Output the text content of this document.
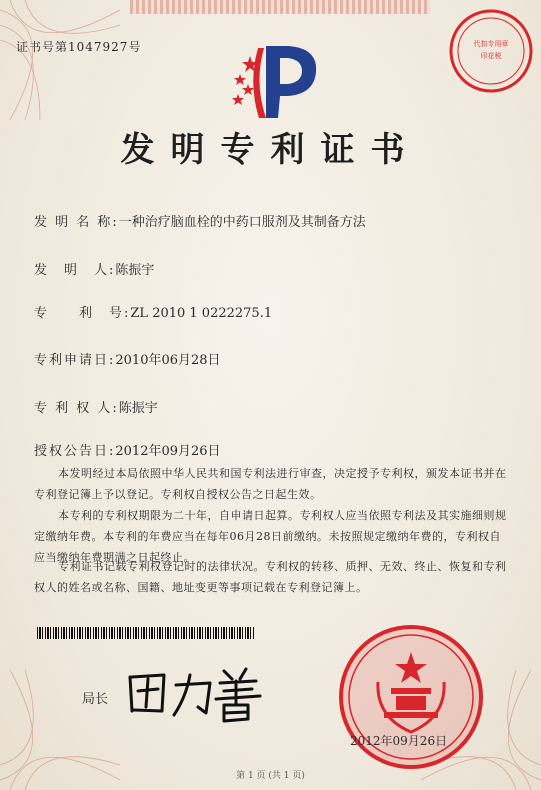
证书号第1047927号
发明专利证书
发 明 名 称:一种治疗脑血栓的中药口服剂及其制备方法
发　明　人:陈振宇
专　　利　号:ZL 2010 1 0222275.1
专利申请日:2010年06月28日
专 利 权 人:陈振宇
授权公告日:2012年09月26日
本发明经过本局依照中华人民共和国专利法进行审查，决定授予专利权，颁发本证书并在专利登记簿上予以登记。专利权自授权公告之日起生效。
本专利的专利权期限为二十年，自申请日起算。专利权人应当依照专利法及其实施细则规定缴纳年费。本专利的年费应当在每年06月28日前缴纳。未按照规定缴纳年费的，专利权自应当缴纳年费期满之日起终止。
专利证书记载专利权登记时的法律状况。专利权的转移、质押、无效、终止、恢复和专利权人的姓名或名称、国籍、地址变更等事项记载在专利登记簿上。
局长
代扣专用章
印花税
2012年09月26日
第 1 页 (共 1 页)
